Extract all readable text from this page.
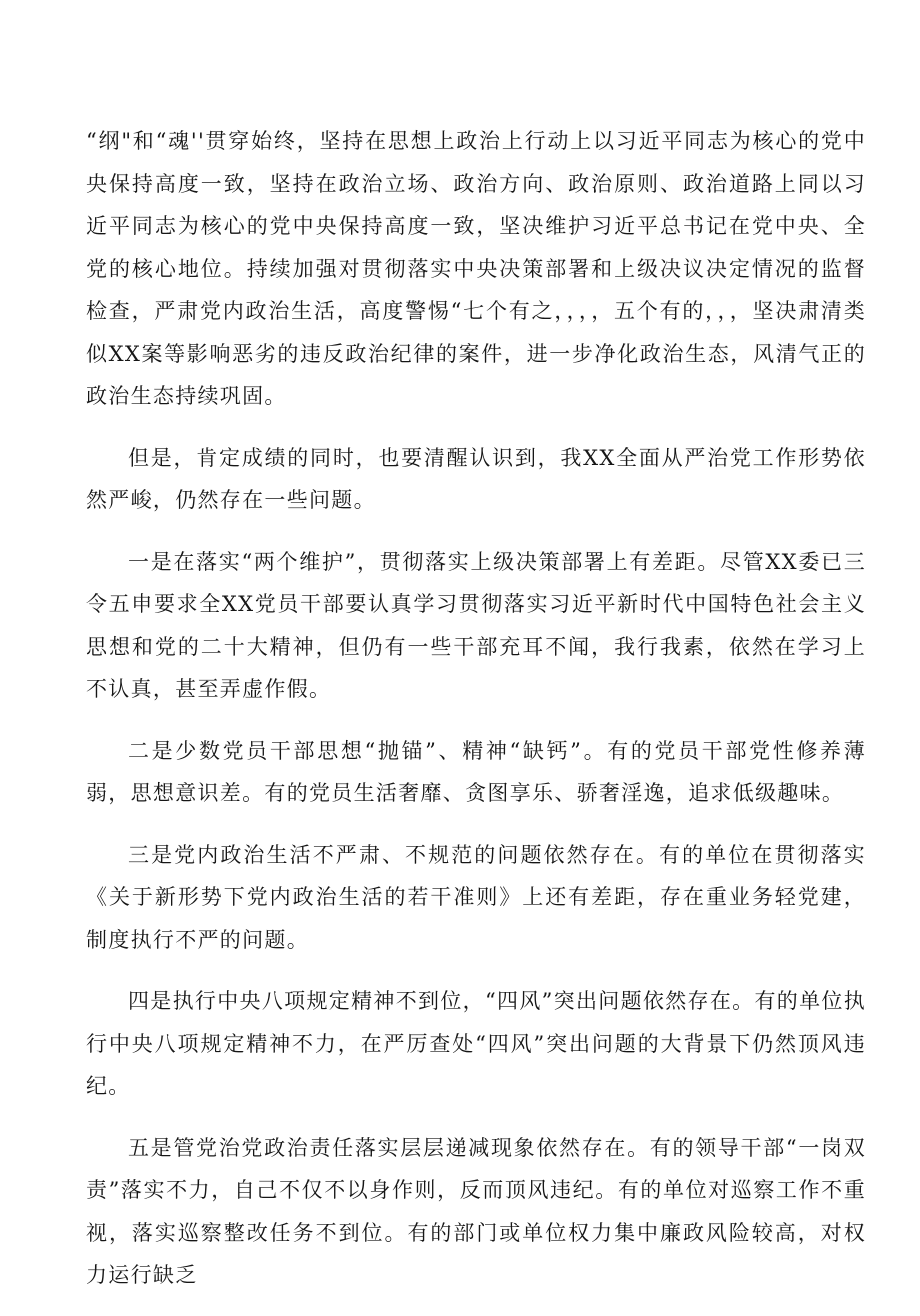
“纲"和“魂''贯穿始终，坚持在思想上政治上行动上以习近平同志为核心的党中央保持高度一致，坚持在政治立场、政治方向、政治原则、政治道路上同以习近平同志为核心的党中央保持高度一致，坚决维护习近平总书记在党中央、全党的核心地位。持续加强对贯彻落实中央决策部署和上级决议决定情况的监督检查，严肃党内政治生活，高度警惕“七个有之，，，，五个有的，，，坚决肃清类似XX案等影响恶劣的违反政治纪律的案件，进一步净化政治生态，风清气正的政治生态持续巩固。

但是，肯定成绩的同时，也要清醒认识到，我XX全面从严治党工作形势依然严峻，仍然存在一些问题。

一是在落实“两个维护”，贯彻落实上级决策部署上有差距。尽管XX委已三令五申要求全XX党员干部要认真学习贯彻落实习近平新时代中国特色社会主义思想和党的二十大精神，但仍有一些干部充耳不闻，我行我素，依然在学习上不认真，甚至弄虚作假。

二是少数党员干部思想“抛锚”、精神“缺钙”。有的党员干部党性修养薄弱，思想意识差。有的党员生活奢靡、贪图享乐、骄奢淫逸，追求低级趣味。

三是党内政治生活不严肃、不规范的问题依然存在。有的单位在贯彻落实《关于新形势下党内政治生活的若干准则》上还有差距，存在重业务轻党建，制度执行不严的问题。

四是执行中央八项规定精神不到位，“四风”突出问题依然存在。有的单位执行中央八项规定精神不力，在严厉查处“四风”突出问题的大背景下仍然顶风违纪。

五是管党治党政治责任落实层层递减现象依然存在。有的领导干部“一岗双责”落实不力，自己不仅不以身作则，反而顶风违纪。有的单位对巡察工作不重视，落实巡察整改任务不到位。有的部门或单位权力集中廉政风险较高，对权力运行缺乏
